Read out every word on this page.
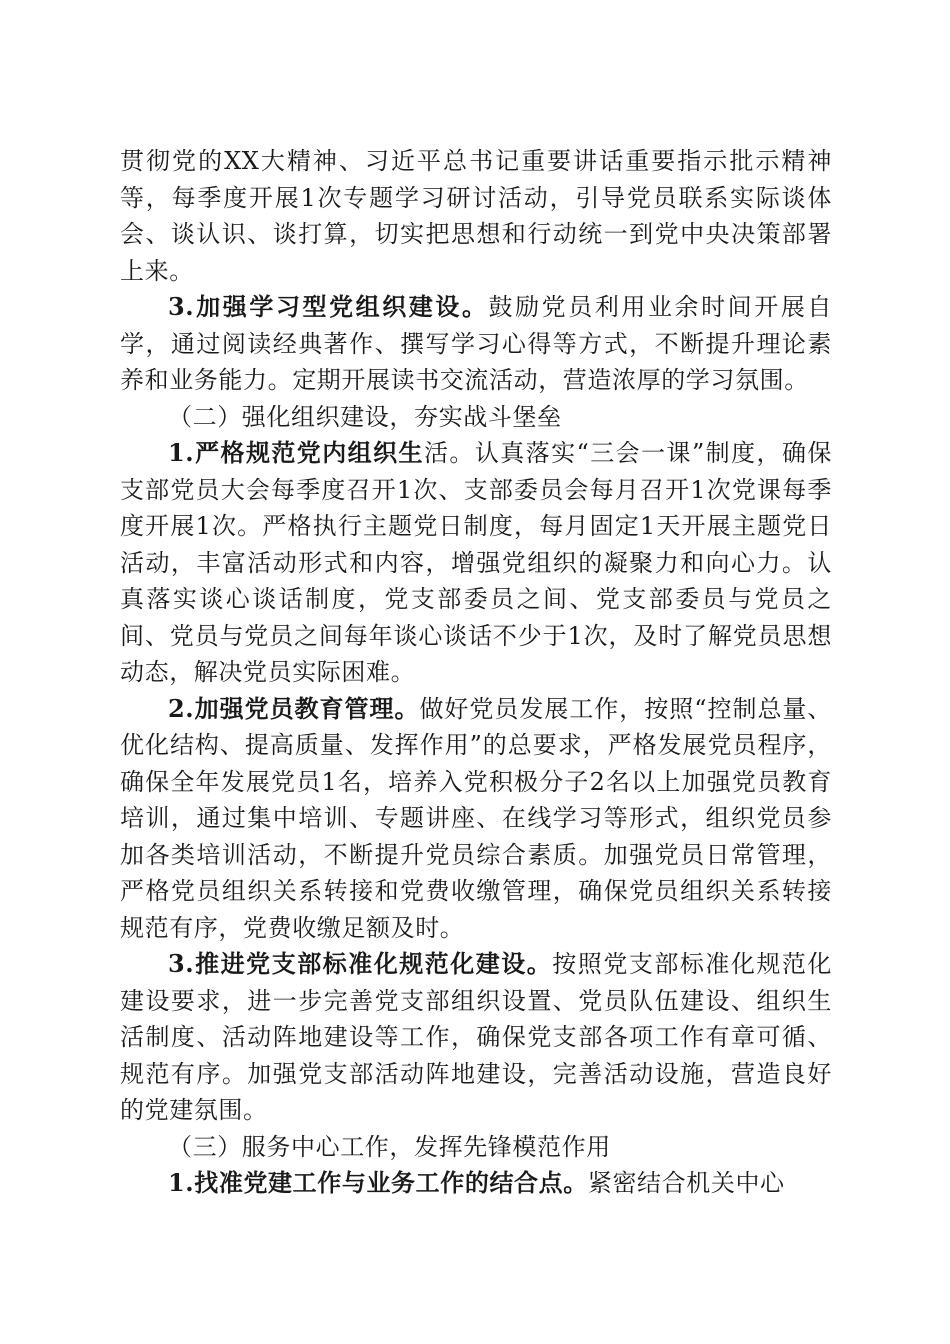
贯彻党的XX大精神、习近平总书记重要讲话重要指示批示精神等，每季度开展1次专题学习研讨活动，引导党员联系实际谈体会、谈认识、谈打算，切实把思想和行动统一到党中央决策部署上来。

3.加强学习型党组织建设。鼓励党员利用业余时间开展自学，通过阅读经典著作、撰写学习心得等方式，不断提升理论素养和业务能力。定期开展读书交流活动，营造浓厚的学习氛围。

（二）强化组织建设，夯实战斗堡垒

1.严格规范党内组织生活。认真落实“三会一课”制度，确保支部党员大会每季度召开1次、支部委员会每月召开1次党课每季度开展1次。严格执行主题党日制度，每月固定1天开展主题党日活动，丰富活动形式和内容，增强党组织的凝聚力和向心力。认真落实谈心谈话制度，党支部委员之间、党支部委员与党员之间、党员与党员之间每年谈心谈话不少于1次，及时了解党员思想动态，解决党员实际困难。

2.加强党员教育管理。做好党员发展工作，按照“控制总量、优化结构、提高质量、发挥作用”的总要求，严格发展党员程序，确保全年发展党员1名，培养入党积极分子2名以上加强党员教育培训，通过集中培训、专题讲座、在线学习等形式，组织党员参加各类培训活动，不断提升党员综合素质。加强党员日常管理，严格党员组织关系转接和党费收缴管理，确保党员组织关系转接规范有序，党费收缴足额及时。

3.推进党支部标准化规范化建设。按照党支部标准化规范化建设要求，进一步完善党支部组织设置、党员队伍建设、组织生活制度、活动阵地建设等工作，确保党支部各项工作有章可循、规范有序。加强党支部活动阵地建设，完善活动设施，营造良好的党建氛围。

（三）服务中心工作，发挥先锋模范作用

1.找准党建工作与业务工作的结合点。紧密结合机关中心
